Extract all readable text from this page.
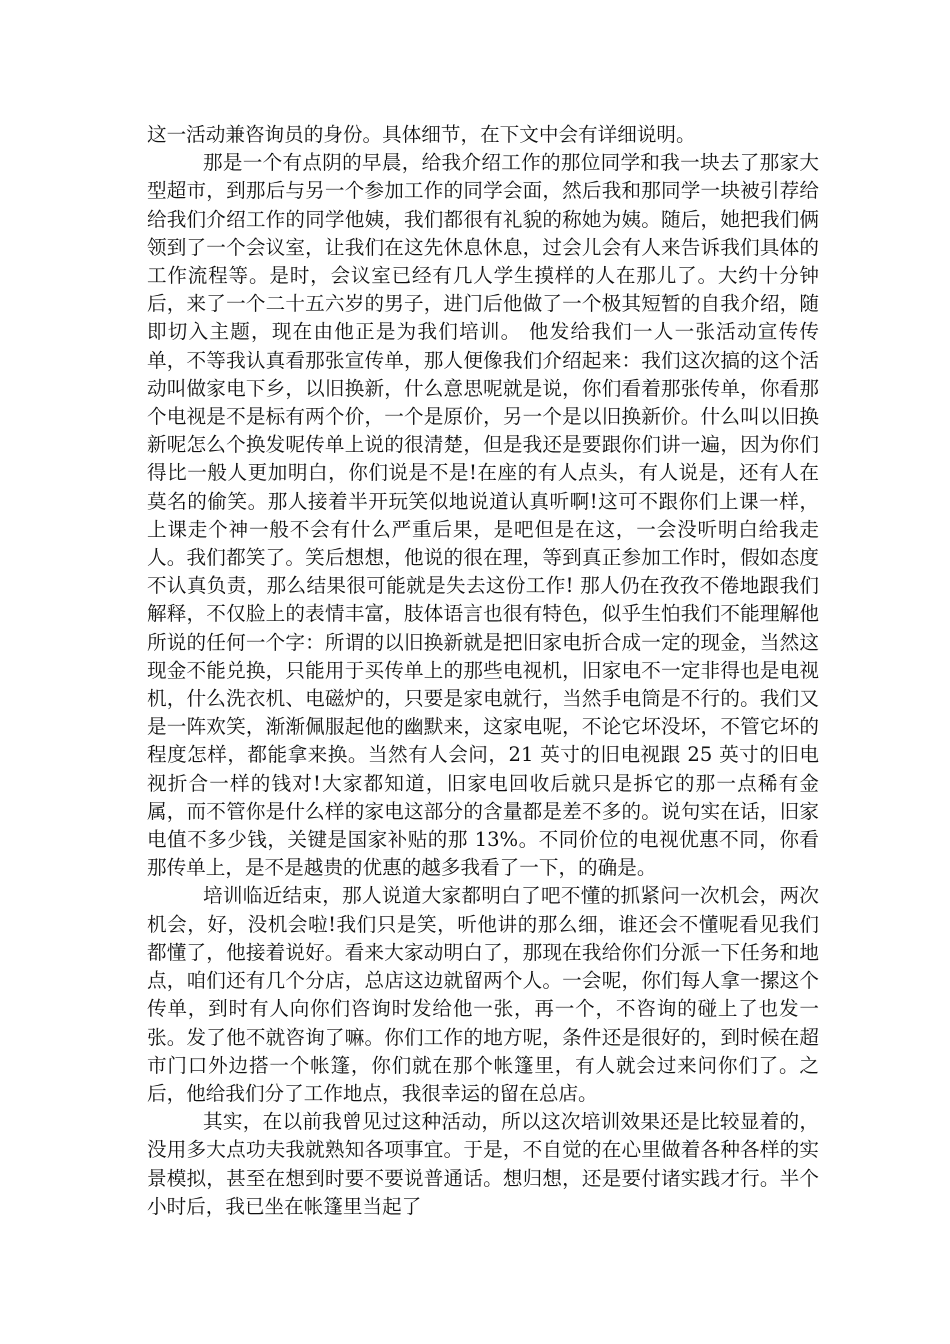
这一活动兼咨询员的身份。具体细节，在下文中会有详细说明。

那是一个有点阴的早晨，给我介绍工作的那位同学和我一块去了那家大型超市，到那后与另一个参加工作的同学会面，然后我和那同学一块被引荐给给我们介绍工作的同学他姨，我们都很有礼貌的称她为姨。随后，她把我们俩领到了一个会议室，让我们在这先休息休息，过会儿会有人来告诉我们具体的工作流程等。是时，会议室已经有几人学生摸样的人在那儿了。大约十分钟后，来了一个二十五六岁的男子，进门后他做了一个极其短暂的自我介绍，随即切入主题，现在由他正是为我们培训。 他发给我们一人一张活动宣传传单，不等我认真看那张宣传单，那人便像我们介绍起来：我们这次搞的这个活动叫做家电下乡，以旧换新，什么意思呢就是说，你们看着那张传单，你看那个电视是不是标有两个价，一个是原价，另一个是以旧换新价。什么叫以旧换新呢怎么个换发呢传单上说的很清楚，但是我还是要跟你们讲一遍，因为你们得比一般人更加明白，你们说是不是!在座的有人点头，有人说是，还有人在莫名的偷笑。那人接着半开玩笑似地说道认真听啊!这可不跟你们上课一样，上课走个神一般不会有什么严重后果，是吧但是在这，一会没听明白给我走人。我们都笑了。笑后想想，他说的很在理，等到真正参加工作时，假如态度不认真负责，那么结果很可能就是失去这份工作! 那人仍在孜孜不倦地跟我们解释，不仅脸上的表情丰富，肢体语言也很有特色，似乎生怕我们不能理解他所说的任何一个字：所谓的以旧换新就是把旧家电折合成一定的现金，当然这现金不能兑换，只能用于买传单上的那些电视机，旧家电不一定非得也是电视机，什么洗衣机、电磁炉的，只要是家电就行，当然手电筒是不行的。我们又是一阵欢笑，渐渐佩服起他的幽默来，这家电呢，不论它坏没坏，不管它坏的程度怎样，都能拿来换。当然有人会问，21 英寸的旧电视跟 25 英寸的旧电视折合一样的钱对!大家都知道，旧家电回收后就只是拆它的那一点稀有金属，而不管你是什么样的家电这部分的含量都是差不多的。说句实在话，旧家电值不多少钱，关键是国家补贴的那 13%。不同价位的电视优惠不同，你看那传单上，是不是越贵的优惠的越多我看了一下，的确是。

培训临近结束，那人说道大家都明白了吧不懂的抓紧问一次机会，两次机会，好，没机会啦!我们只是笑，听他讲的那么细，谁还会不懂呢看见我们都懂了，他接着说好。看来大家动明白了，那现在我给你们分派一下任务和地点，咱们还有几个分店，总店这边就留两个人。一会呢，你们每人拿一摞这个传单，到时有人向你们咨询时发给他一张，再一个，不咨询的碰上了也发一张。发了他不就咨询了嘛。你们工作的地方呢，条件还是很好的，到时候在超市门口外边搭一个帐篷，你们就在那个帐篷里，有人就会过来问你们了。之后，他给我们分了工作地点，我很幸运的留在总店。

其实，在以前我曾见过这种活动，所以这次培训效果还是比较显着的，没用多大点功夫我就熟知各项事宜。于是，不自觉的在心里做着各种各样的实景模拟，甚至在想到时要不要说普通话。想归想，还是要付诸实践才行。半个小时后，我已坐在帐篷里当起了
